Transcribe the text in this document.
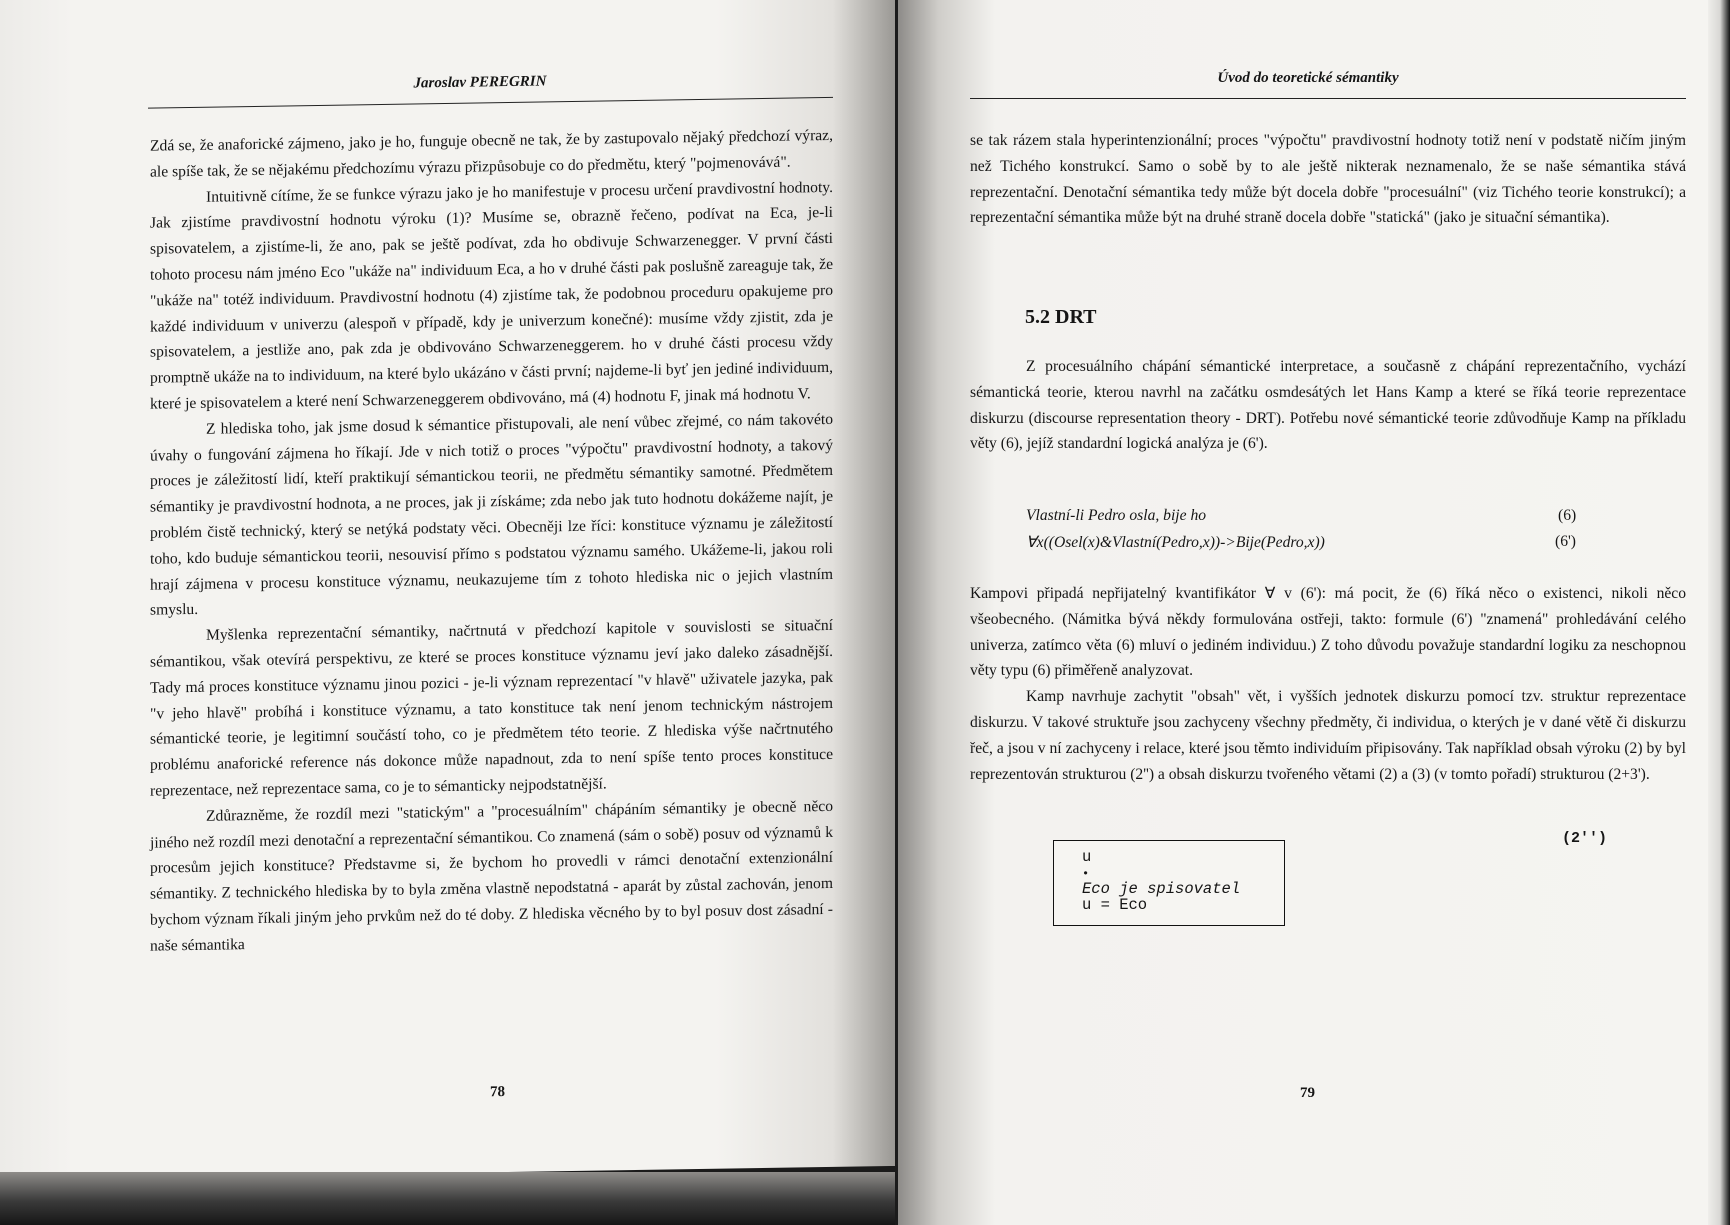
Jaroslav PEREGRIN

Zdá se, že anaforické zájmeno, jako je ho, funguje obecně ne tak, že by zastupovalo nějaký předchozí výraz, ale spíše tak, že se nějakému předchozímu výrazu přizpůsobuje co do předmětu, který "pojmenovává".

Intuitivně cítíme, že se funkce výrazu jako je ho manifestuje v procesu určení pravdivostní hodnoty. Jak zjistíme pravdivostní hodnotu výroku (1)? Musíme se, obrazně řečeno, podívat na Eca, je-li spisovatelem, a zjistíme-li, že ano, pak se ještě podívat, zda ho obdivuje Schwarzenegger. V první části tohoto procesu nám jméno Eco "ukáže na" individuum Eca, a ho v druhé části pak poslušně zareaguje tak, že "ukáže na" totéž individuum. Pravdivostní hodnotu (4) zjistíme tak, že podobnou proceduru opakujeme pro každé individuum v univerzu (alespoň v případě, kdy je univerzum konečné): musíme vždy zjistit, zda je spisovatelem, a jestliže ano, pak zda je obdivováno Schwarzeneggerem. ho v druhé části procesu vždy promptně ukáže na to individuum, na které bylo ukázáno v části první; najdeme-li byť jen jediné individuum, které je spisovatelem a které není Schwarzeneggerem obdivováno, má (4) hodnotu F, jinak má hodnotu V.

Z hlediska toho, jak jsme dosud k sémantice přistupovali, ale není vůbec zřejmé, co nám takovéto úvahy o fungování zájmena ho říkají. Jde v nich totiž o proces "výpočtu" pravdivostní hodnoty, a takový proces je záležitostí lidí, kteří praktikují sémantickou teorii, ne předmětu sémantiky samotné. Předmětem sémantiky je pravdivostní hodnota, a ne proces, jak ji získáme; zda nebo jak tuto hodnotu dokážeme najít, je problém čistě technický, který se netýká podstaty věci. Obecněji lze říci: konstituce významu je záležitostí toho, kdo buduje sémantickou teorii, nesouvisí přímo s podstatou významu samého. Ukážeme-li, jakou roli hrají zájmena v procesu konstituce významu, neukazujeme tím z tohoto hlediska nic o jejich vlastním smyslu.

Myšlenka reprezentační sémantiky, načrtnutá v předchozí kapitole v souvislosti se situační sémantikou, však otevírá perspektivu, ze které se proces konstituce významu jeví jako daleko zásadnější. Tady má proces konstituce významu jinou pozici - je-li význam reprezentací "v hlavě" uživatele jazyka, pak "v jeho hlavě" probíhá i konstituce významu, a tato konstituce tak není jenom technickým nástrojem sémantické teorie, je legitimní součástí toho, co je předmětem této teorie. Z hlediska výše načrtnutého problému anaforické reference nás dokonce může napadnout, zda to není spíše tento proces konstituce reprezentace, než reprezentace sama, co je to sémanticky nejpodstatnější.

Zdůrazněme, že rozdíl mezi "statickým" a "procesuálním" chápáním sémantiky je obecně něco jiného než rozdíl mezi denotační a reprezentační sémantikou. Co znamená (sám o sobě) posuv od významů k procesům jejich konstituce? Představme si, že bychom ho provedli v rámci denotační extenzionální sémantiky. Z technického hlediska by to byla změna vlastně nepodstatná - aparát by zůstal zachován, jenom bychom význam říkali jiným jeho prvkům než do té doby. Z hlediska věcného by to byl posuv dost zásadní - naše sémantika

78
Úvod do teoretické sémantiky

se tak rázem stala hyperintenzionální; proces "výpočtu" pravdivostní hodnoty totiž není v podstatě ničím jiným než Tichého konstrukcí. Samo o sobě by to ale ještě nikterak neznamenalo, že se naše sémantika stává reprezentační. Denotační sémantika tedy může být docela dobře "procesuální" (viz Tichého teorie konstrukcí); a reprezentační sémantika může být na druhé straně docela dobře "statická" (jako je situační sémantika).

5.2 DRT

Z procesuálního chápání sémantické interpretace, a současně z chápání reprezentačního, vychází sémantická teorie, kterou navrhl na začátku osmdesátých let Hans Kamp a které se říká teorie reprezentace diskurzu (discourse representation theory - DRT). Potřebu nové sémantické teorie zdůvodňuje Kamp na příkladu věty (6), jejíž standardní logická analýza je (6').

Vlastní-li Pedro osla, bije ho	(6)
∀x((Osel(x)&Vlastní(Pedro,x))->Bije(Pedro,x))	(6')

Kampovi připadá nepřijatelný kvantifikátor ∀ v (6'): má pocit, že (6) říká něco o existenci, nikoli něco všeobecného. (Námitka bývá někdy formulována ostřeji, takto: formule (6') "znamená" prohledávání celého univerza, zatímco věta (6) mluví o jediném individuu.) Z toho důvodu považuje standardní logiku za neschopnou věty typu (6) přiměřeně analyzovat.

Kamp navrhuje zachytit "obsah" vět, i vyšších jednotek diskurzu pomocí tzv. struktur reprezentace diskurzu. V takové struktuře jsou zachyceny všechny předměty, či individua, o kterých je v dané větě či diskurzu řeč, a jsou v ní zachyceny i relace, které jsou těmto individuím připisovány. Tak například obsah výroku (2) by byl reprezentován strukturou (2'') a obsah diskurzu tvořeného větami (2) a (3) (v tomto pořadí) strukturou (2+3').

(2'')
u
•
Eco je spisovatel
u = Eco
79
